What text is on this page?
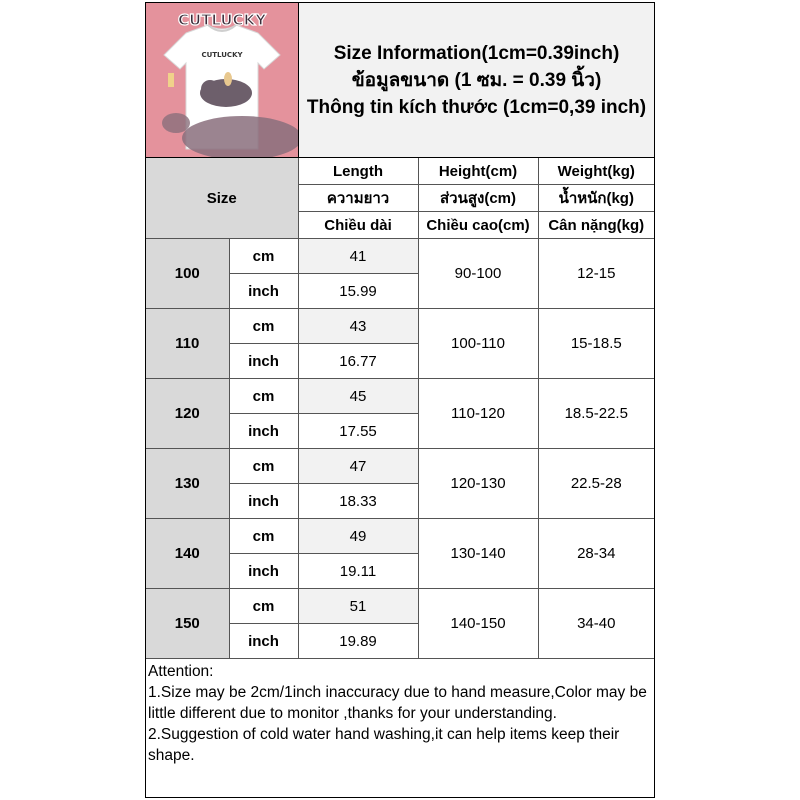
CUTLUCKY
CUTLUCKY	Size Information(1cm=0.39inch)
ข้อมูลขนาด (1 ซม. = 0.39 นิ้ว)
Thông tin kích thước (1cm=0,39 inch)
Size		Length	Height(cm)	Weight(kg)
		ความยาว	ส่วนสูง(cm)	น้ำหนัก(kg)
		Chiều dài	Chiều cao(cm)	Cân nặng(kg)
100	cm	41	90-100	12-15
	inch	15.99		
110	cm	43	100-110	15-18.5
	inch	16.77		
120	cm	45	110-120	18.5-22.5
	inch	17.55		
130	cm	47	120-130	22.5-28
	inch	18.33		
140	cm	49	130-140	28-34
	inch	19.11		
150	cm	51	140-150	34-40
	inch	19.89		

Attention:

1.Size may be 2cm/1inch inaccuracy due to hand measure,Color may be little different due to monitor ,thanks for your understanding.

2.Suggestion of cold water hand washing,it can help items keep their shape.
